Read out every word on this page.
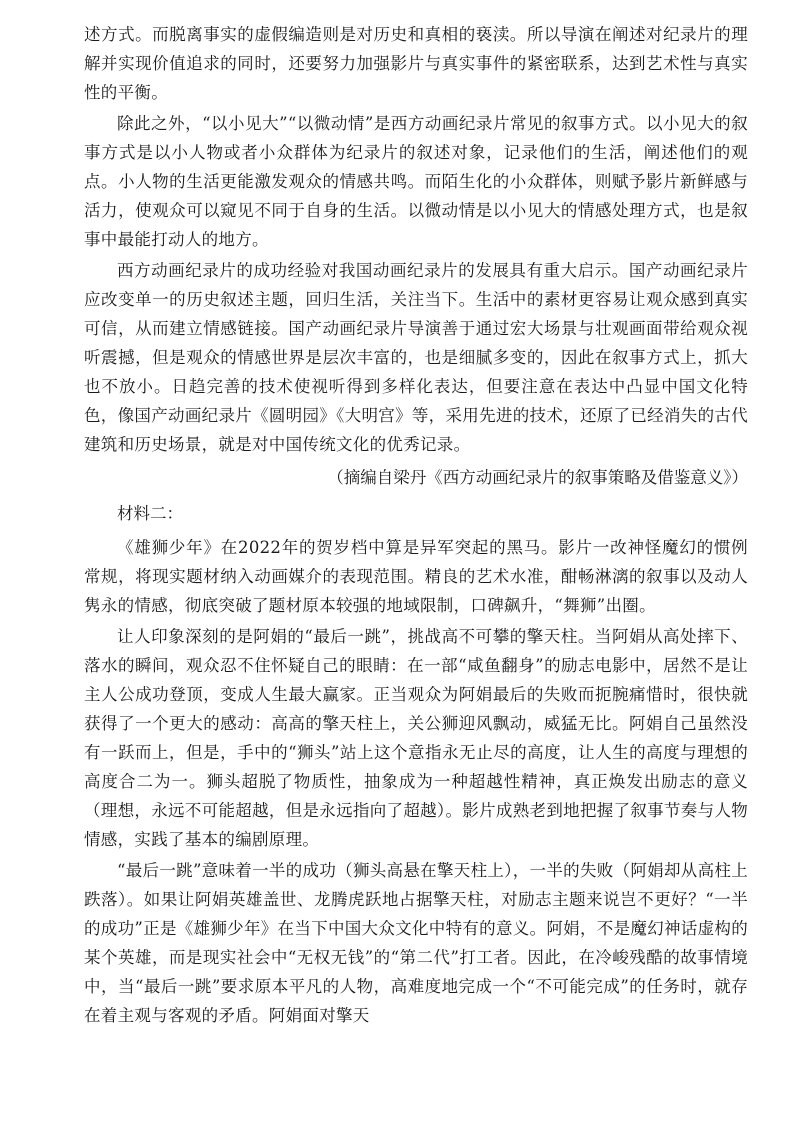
述方式。而脱离事实的虚假编造则是对历史和真相的亵渎。所以导演在阐述对纪录片的理解并实现价值追求的同时，还要努力加强影片与真实事件的紧密联系，达到艺术性与真实性的平衡。

除此之外，“以小见大”“以微动情”是西方动画纪录片常见的叙事方式。以小见大的叙事方式是以小人物或者小众群体为纪录片的叙述对象，记录他们的生活，阐述他们的观点。小人物的生活更能激发观众的情感共鸣。而陌生化的小众群体，则赋予影片新鲜感与活力，使观众可以窥见不同于自身的生活。以微动情是以小见大的情感处理方式，也是叙事中最能打动人的地方。

西方动画纪录片的成功经验对我国动画纪录片的发展具有重大启示。国产动画纪录片应改变单一的历史叙述主题，回归生活，关注当下。生活中的素材更容易让观众感到真实可信，从而建立情感链接。国产动画纪录片导演善于通过宏大场景与壮观画面带给观众视听震撼，但是观众的情感世界是层次丰富的，也是细腻多变的，因此在叙事方式上，抓大也不放小。日趋完善的技术使视听得到多样化表达，但要注意在表达中凸显中国文化特色，像国产动画纪录片《圆明园》《大明宫》等，采用先进的技术，还原了已经消失的古代建筑和历史场景，就是对中国传统文化的优秀记录。

（摘编自梁丹《西方动画纪录片的叙事策略及借鉴意义》）

材料二：

《雄狮少年》在2022年的贺岁档中算是异军突起的黑马。影片一改神怪魔幻的惯例常规，将现实题材纳入动画媒介的表现范围。精良的艺术水准，酣畅淋漓的叙事以及动人隽永的情感，彻底突破了题材原本较强的地域限制，口碑飙升，“舞狮”出圈。

让人印象深刻的是阿娟的“最后一跳”，挑战高不可攀的擎天柱。当阿娟从高处摔下、落水的瞬间，观众忍不住怀疑自己的眼睛：在一部“咸鱼翻身”的励志电影中，居然不是让主人公成功登顶，变成人生最大赢家。正当观众为阿娟最后的失败而扼腕痛惜时，很快就获得了一个更大的感动：高高的擎天柱上，关公狮迎风飘动，威猛无比。阿娟自己虽然没有一跃而上，但是，手中的“狮头”站上这个意指永无止尽的高度，让人生的高度与理想的高度合二为一。狮头超脱了物质性，抽象成为一种超越性精神，真正焕发出励志的意义（理想，永远不可能超越，但是永远指向了超越）。影片成熟老到地把握了叙事节奏与人物情感，实践了基本的编剧原理。

“最后一跳”意味着一半的成功（狮头高悬在擎天柱上），一半的失败（阿娟却从高柱上跌落）。如果让阿娟英雄盖世、龙腾虎跃地占据擎天柱，对励志主题来说岂不更好？“一半的成功”正是《雄狮少年》在当下中国大众文化中特有的意义。阿娟，不是魔幻神话虚构的某个英雄，而是现实社会中“无权无钱”的“第二代”打工者。因此，在冷峻残酷的故事情境中，当“最后一跳”要求原本平凡的人物，高难度地完成一个“不可能完成”的任务时，就存在着主观与客观的矛盾。阿娟面对擎天
